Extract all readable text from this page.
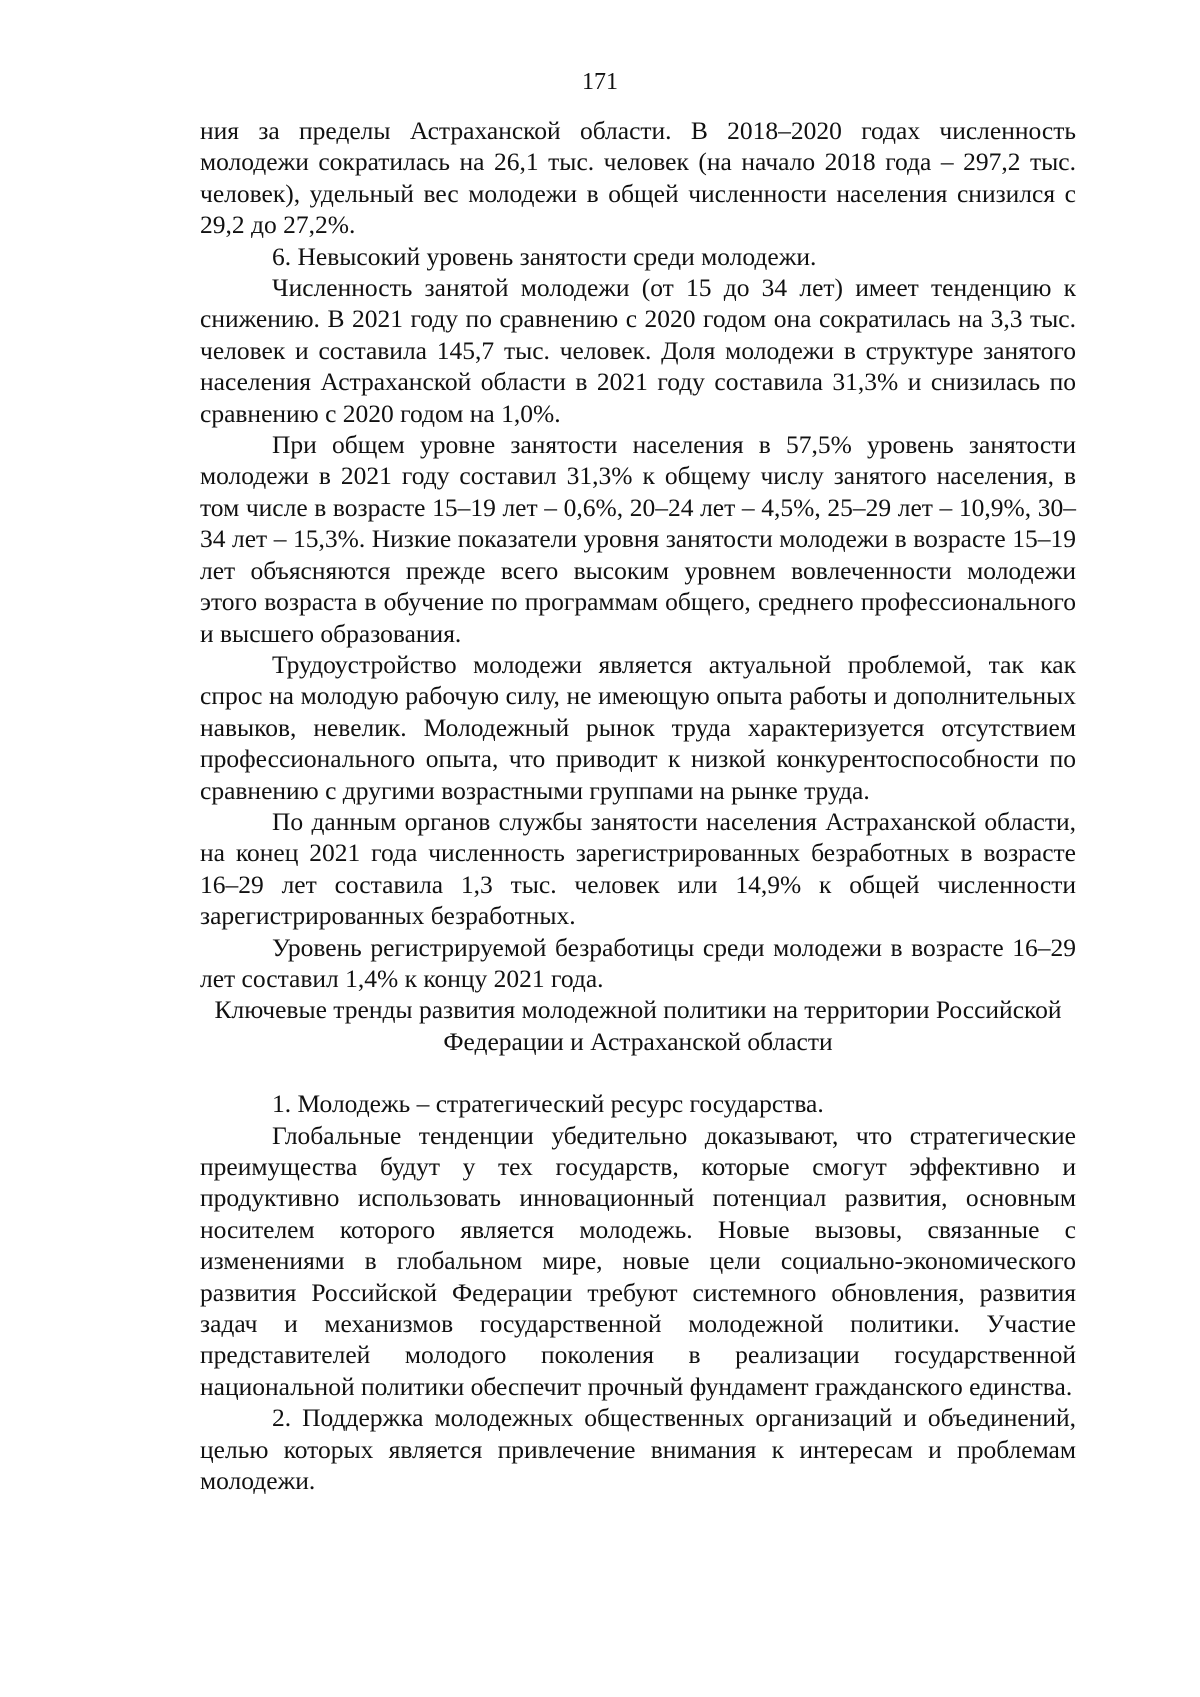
171

ния за пределы Астраханской области. В 2018–2020 годах численность молодежи сократилась на 26,1 тыс. человек (на начало 2018 года – 297,2 тыс. человек), удельный вес молодежи в общей численности населения снизился с 29,2 до 27,2%.

6. Невысокий уровень занятости среди молодежи.

Численность занятой молодежи (от 15 до 34 лет) имеет тенденцию к снижению. В 2021 году по сравнению с 2020 годом она сократилась на 3,3 тыс. человек и составила 145,7 тыс. человек. Доля молодежи в структуре занятого населения Астраханской области в 2021 году составила 31,3% и снизилась по сравнению с 2020 годом на 1,0%.

При общем уровне занятости населения в 57,5% уровень занятости молодежи в 2021 году составил 31,3% к общему числу занятого населения, в том числе в возрасте 15–19 лет – 0,6%, 20–24 лет – 4,5%, 25–29 лет – 10,9%, 30–34 лет – 15,3%. Низкие показатели уровня занятости молодежи в возрасте 15–19 лет объясняются прежде всего высоким уровнем вовлеченности молодежи этого возраста в обучение по программам общего, среднего профессионального и высшего образования.

Трудоустройство молодежи является актуальной проблемой, так как спрос на молодую рабочую силу, не имеющую опыта работы и дополнительных навыков, невелик. Молодежный рынок труда характеризуется отсутствием профессионального опыта, что приводит к низкой конкурентоспособности по сравнению с другими возрастными группами на рынке труда.

По данным органов службы занятости населения Астраханской области, на конец 2021 года численность зарегистрированных безработных в возрасте 16–29 лет составила 1,3 тыс. человек или 14,9% к общей численности зарегистрированных безработных.

Уровень регистрируемой безработицы среди молодежи в возрасте 16–29 лет составил 1,4% к концу 2021 года.

Ключевые тренды развития молодежной политики на территории Российской Федерации и Астраханской области

1. Молодежь – стратегический ресурс государства.

Глобальные тенденции убедительно доказывают, что стратегические преимущества будут у тех государств, которые смогут эффективно и продуктивно использовать инновационный потенциал развития, основным носителем которого является молодежь. Новые вызовы, связанные с изменениями в глобальном мире, новые цели социально-экономического развития Российской Федерации требуют системного обновления, развития задач и механизмов государственной молодежной политики. Участие представителей молодого поколения в реализации государственной национальной политики обеспечит прочный фундамент гражданского единства.

2. Поддержка молодежных общественных организаций и объединений, целью которых является привлечение внимания к интересам и проблемам молодежи.
